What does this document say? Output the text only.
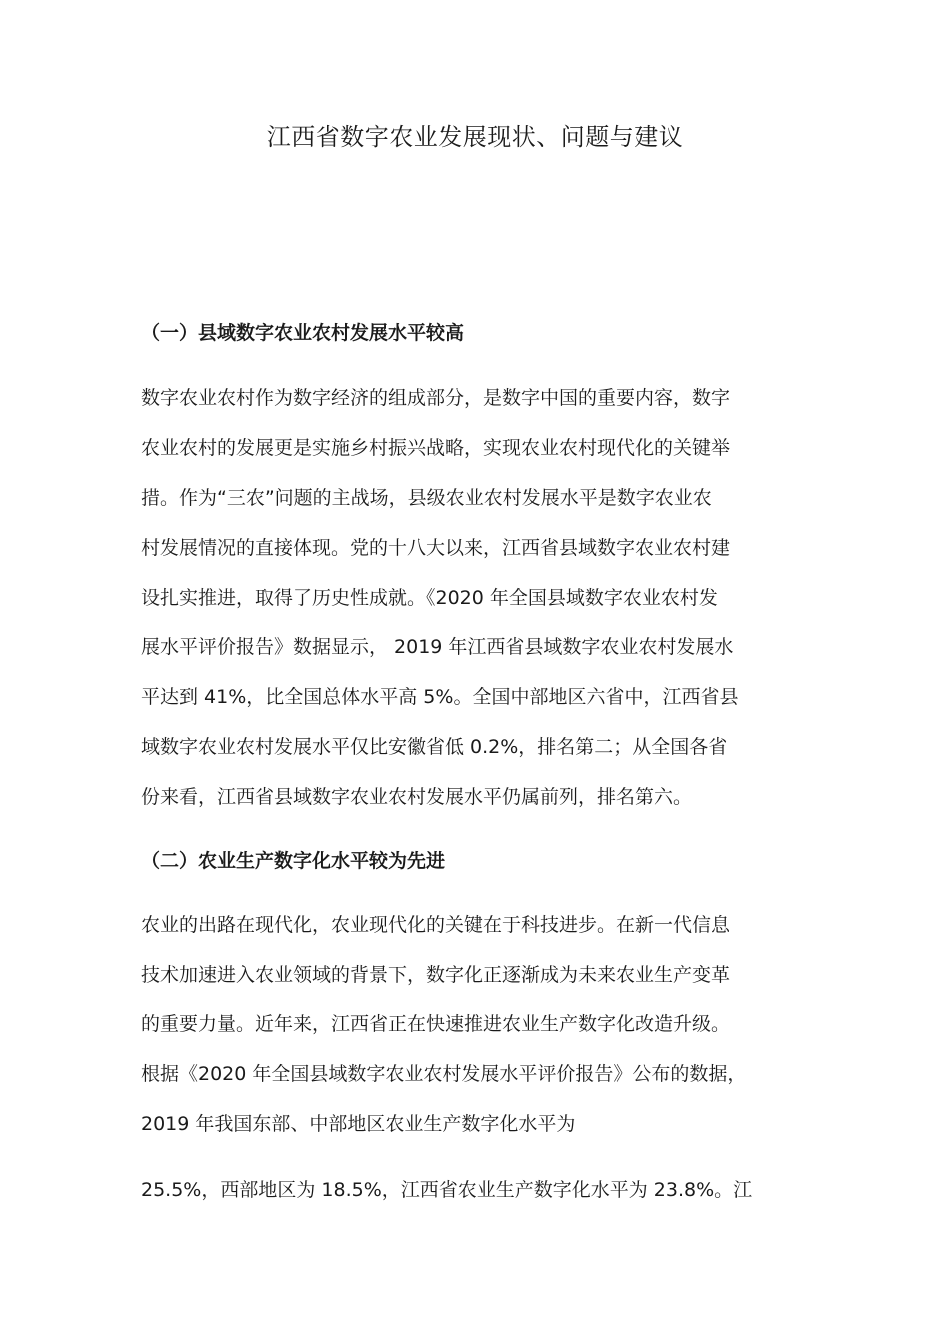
江西省数字农业发展现状、问题与建议
（一）县域数字农业农村发展水平较高

数字农业农村作为数字经济的组成部分，是数字中国的重要内容，数字

农业农村的发展更是实施乡村振兴战略，实现农业农村现代化的关键举

措。作为“三农”问题的主战场，县级农业农村发展水平是数字农业农

村发展情况的直接体现。党的十八大以来，江西省县域数字农业农村建

设扎实推进，取得了历史性成就。《2020 年全国县域数字农业农村发

展水平评价报告》数据显示， 2019 年江西省县域数字农业农村发展水

平达到 41%，比全国总体水平高 5%。全国中部地区六省中，江西省县

域数字农业农村发展水平仅比安徽省低 0.2%，排名第二；从全国各省

份来看，江西省县域数字农业农村发展水平仍属前列，排名第六。

（二）农业生产数字化水平较为先进

农业的出路在现代化，农业现代化的关键在于科技进步。在新一代信息

技术加速进入农业领域的背景下，数字化正逐渐成为未来农业生产变革

的重要力量。近年来，江西省正在快速推进农业生产数字化改造升级。

根据《2020 年全国县域数字农业农村发展水平评价报告》公布的数据，

2019 年我国东部、中部地区农业生产数字化水平为

25.5%，西部地区为 18.5%，江西省农业生产数字化水平为 23.8%。江
